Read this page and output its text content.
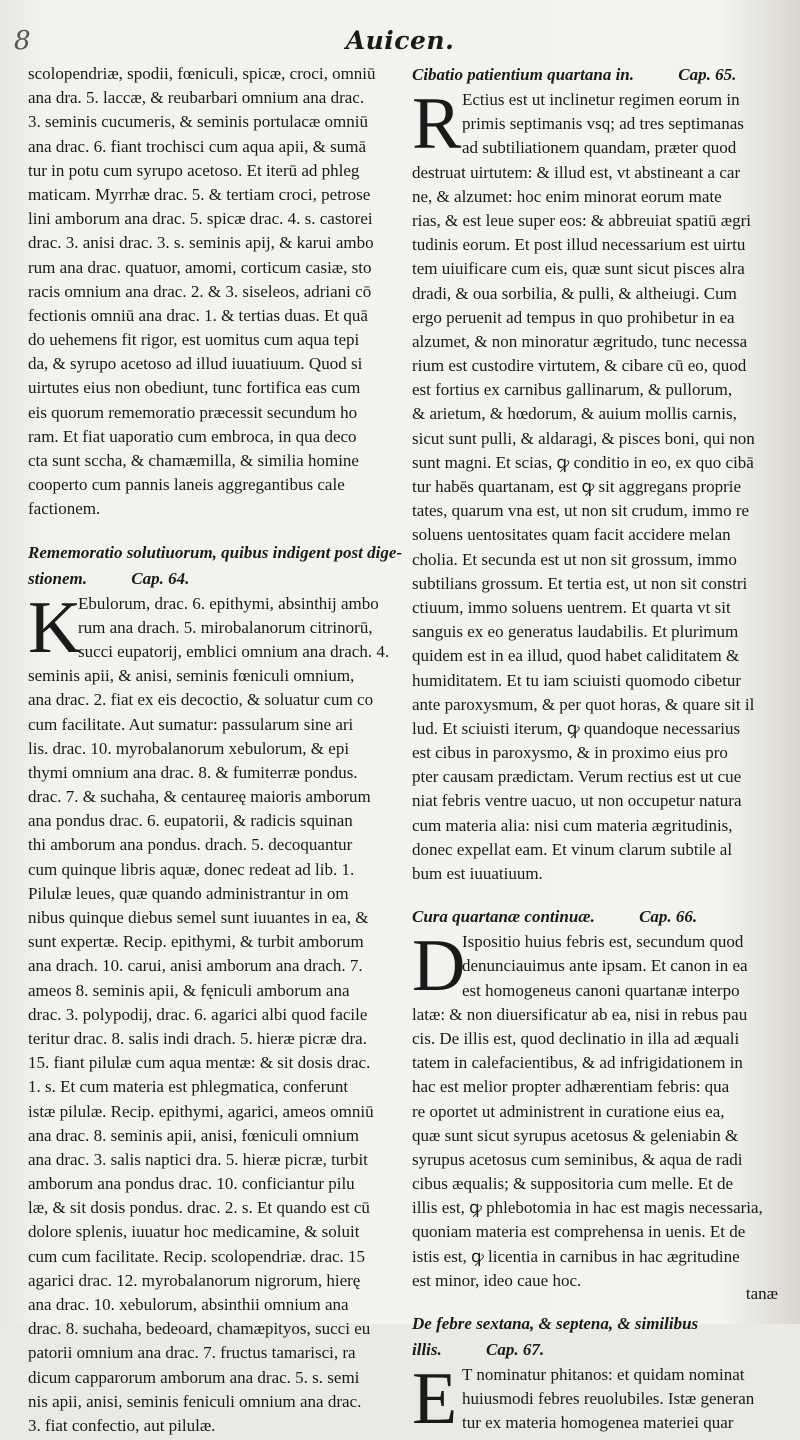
8	Auicen.
scolopendriæ, spodii, fœniculi, spicæ, croci, omniū
ana dra. 5. laccæ, & reubarbari omnium ana drac.
3. seminis cucumeris, & seminis portulacæ omniū
ana drac. 6. fiant trochisci cum aqua apii, & sumā
tur in potu cum syrupo acetoso. Et iterū ad phleg
maticam. Myrrhæ drac. 5. & tertiam croci, petrose
lini amborum ana drac. 5. spicæ drac. 4. s. castorei
drac. 3. anisi drac. 3. s. seminis apij, & karui ambo
rum ana drac. quatuor, amomi, corticum casiæ, sto
racis omnium ana drac. 2. & 3. siseleos, adriani cō
fectionis omniū ana drac. 1. & tertias duas. Et quā
do uehemens fit rigor, est uomitus cum aqua tepi
da, & syrupo acetoso ad illud iuuatiuum. Quod si
uirtutes eius non obediunt, tunc fortifica eas cum
eis quorum rememoratio præcessit secundum ho
ram. Et fiat uaporatio cum embroca, in qua deco
cta sunt sccha, & chamæmilla, & similia homine
cooperto cum pannis laneis aggregantibus cale
factionem.
Rememoratio solutiuorum, quibus indigent post dige-
stionem.	Cap. 64.
K
Ebulorum, drac. 6. epithymi, absinthij ambo
rum ana drach. 5. mirobalanorum citrinorū,
succi eupatorij, emblici omnium ana drach. 4.
seminis apii, & anisi, seminis fœniculi omnium,
ana drac. 2. fiat ex eis decoctio, & soluatur cum co
cum facilitate. Aut sumatur: passularum sine ari
lis. drac. 10. myrobalanorum xebulorum, & epi
thymi omnium ana drac. 8. & fumiterræ pondus.
drac. 7. & suchaha, & centaureę maioris amborum
ana pondus drac. 6. eupatorii, & radicis squinan
thi amborum ana pondus. drach. 5. decoquantur
cum quinque libris aquæ, donec redeat ad lib. 1.
Pilulæ leues, quæ quando administrantur in om
nibus quinque diebus semel sunt iuuantes in ea, &
sunt expertæ. Recip. epithymi, & turbit amborum
ana drach. 10. carui, anisi amborum ana drach. 7.
ameos 8. seminis apii, & fęniculi amborum ana
drac. 3. polypodij, drac. 6. agarici albi quod facile
teritur drac. 8. salis indi drach. 5. hieræ picræ dra.
15. fiant pilulæ cum aqua mentæ: & sit dosis drac.
1. s. Et cum materia est phlegmatica, conferunt
istæ pilulæ. Recip. epithymi, agarici, ameos omniū
ana drac. 8. seminis apii, anisi, fœniculi omnium
ana drac. 3. salis naptici dra. 5. hieræ picræ, turbit
amborum ana pondus drac. 10. conficiantur pilu
læ, & sit dosis pondus. drac. 2. s. Et quando est cū
dolore splenis, iuuatur hoc medicamine, & soluit
cum cum facilitate. Recip. scolopendriæ. drac. 15
agarici drac. 12. myrobalanorum nigrorum, hierę
ana drac. 10. xebulorum, absinthii omnium ana
drac. 8. suchaha, bedeoard, chamæpityos, succi eu
patorii omnium ana drac. 7. fructus tamarisci, ra
dicum capparorum amborum ana drac. 5. s. semi
nis apii, anisi, seminis feniculi omnium ana drac.
3. fiat confectio, aut pilulæ.
Cibatio patientium quartana in.	Cap. 65.
R Ectius est ut inclinetur regimen eorum in
primis septimanis vsq; ad tres septimanas
ad subtiliationem quandam, præter quod
destruat uirtutem: & illud est, vt abstineant a car
ne, & alzumet: hoc enim minorat eorum mate
rias, & est leue super eos: & abbreuiat spatiū ægri
tudinis eorum. Et post illud necessarium est uirtu
tem uiuificare cum eis, quæ sunt sicut pisces alra
dradi, & oua sorbilia, & pulli, & altheiugi. Cum
ergo peruenit ad tempus in quo prohibetur in ea
alzumet, & non minoratur ægritudo, tunc necessa
rium est custodire virtutem, & cibare cū eo, quod
est fortius ex carnibus gallinarum, & pullorum,
& arietum, & hœdorum, & auium mollis carnis,
sicut sunt pulli, & aldaragi, & pisces boni, qui non
sunt magni. Et scias, ꝙ conditio in eo, ex quo cibā
tur habēs quartanam, est ꝙ sit aggregans proprie
tates, quarum vna est, ut non sit crudum, immo re
soluens uentositates quam facit accidere melan
cholia. Et secunda est ut non sit grossum, immo
subtilians grossum. Et tertia est, ut non sit constri
ctiuum, immo soluens uentrem. Et quarta vt sit
sanguis ex eo generatus laudabilis. Et plurimum
quidem est in ea illud, quod habet caliditatem &
humiditatem. Et tu iam sciuisti quomodo cibetur
ante paroxysmum, & per quot horas, & quare sit il
lud. Et sciuisti iterum, ꝙ quandoque necessarius
est cibus in paroxysmo, & in proximo eius pro
pter causam prædictam. Verum rectius est ut cue
niat febris ventre uacuo, ut non occupetur natura
cum materia alia: nisi cum materia ægritudinis,
donec expellat eam. Et vinum clarum subtile al
bum est iuuatiuum.
Cura quartanæ continuæ.	Cap. 66.
D
Ispositio huius febris est, secundum quod
denunciauimus ante ipsam. Et canon in ea
est homogeneus canoni quartanæ interpo
latæ: & non diuersificatur ab ea, nisi in rebus pau
cis. De illis est, quod declinatio in illa ad æquali
tatem in calefacientibus, & ad infrigidationem in
hac est melior propter adhærentiam febris: qua
re oportet ut administrent in curatione eius ea,
quæ sunt sicut syrupus acetosus & geleniabin &
syrupus acetosus cum seminibus, & aqua de radi
cibus æqualis; & suppositoria cum melle. Et de
illis est, ꝙ phlebotomia in hac est magis necessaria,
quoniam materia est comprehensa in uenis. Et de
istis est, ꝙ licentia in carnibus in hac ægritudine
est minor, ideo caue hoc.
De febre sextana, & septena, & similibus
illis.	Cap. 67.
E T nominatur phitanos: et quidam nominat
huiusmodi febres reuolubiles. Istæ generan
tur ex materia homogenea materiei quar
tanæ
